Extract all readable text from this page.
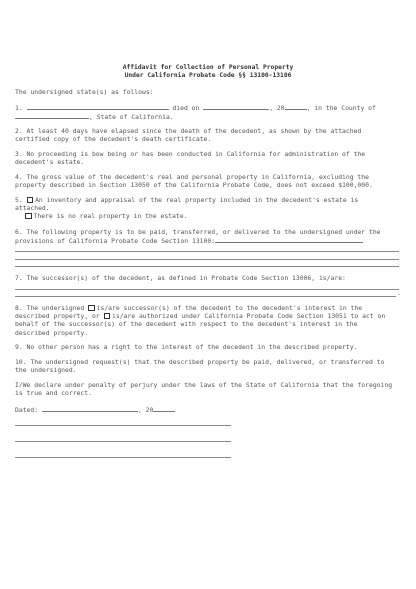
Affidavit for Collection of Personal Property
Under California Probate Code §§ 13100-13106
The undersigned state(s) as follows:
1.	died on	, 20	, in the County of
, State of California.
2. At least 40 days have elapsed since the death of the decedent, as shown by the attached certified copy of the decedent's death certificate.
3. No proceeding is bow being or has been conducted in California for administration of the decedent's estate.
4. The gross value of the decedent's real and personal property in California, excluding the property described in Section 13050 of the California Probate Code, does not exceed $100,000.
5. An inventory and appraisal of the real property included in the decedent's estate is attached.
There is no real property in the estate.
6. The following property is to be paid, transferred, or delivered to the undersigned under the provisions of California Probate Code Section 13100:
7. The successor(s) of the decedent, as defined in Probate Code Section 13006, is/are:
.
8. The undersigned is/are successor(s) of the decedent to the decedent's interest in the described property, or is/are authorized under California Probate Code Section 13051 to act on behalf of the successor(s) of the decedent with respect to the decedent's interest in the described property.
9. No other person has a right to the interest of the decedent in the described property.
10. The undersigned request(s) that the described property be paid, delivered, or transferred to the undersigned.
I/We declare under penalty of perjury under the laws of the State of California that the foregoing is true and correct.
Dated:	, 20
